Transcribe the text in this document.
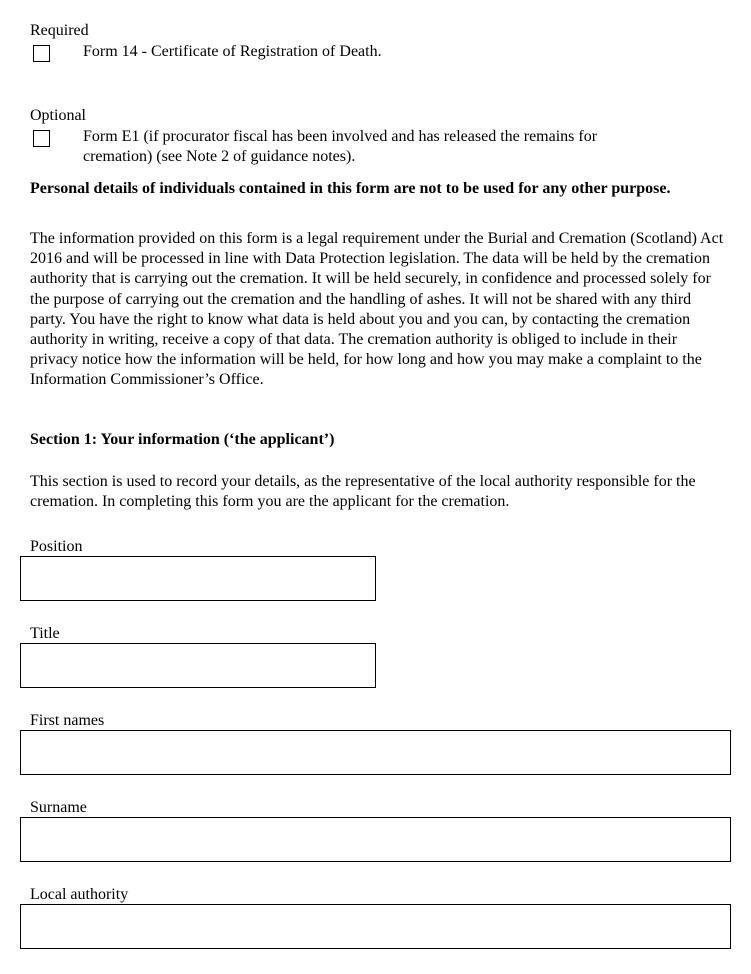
Required
Form 14 - Certificate of Registration of Death.
Optional
Form E1 (if procurator fiscal has been involved and has released the remains for
cremation) (see Note 2 of guidance notes).
Personal details of individuals contained in this form are not to be used for any other purpose.
The information provided on this form is a legal requirement under the Burial and Cremation (Scotland) Act 2016 and will be processed in line with Data Protection legislation. The data will be held by the cremation authority that is carrying out the cremation. It will be held securely, in confidence and processed solely for the purpose of carrying out the cremation and the handling of ashes. It will not be shared with any third party. You have the right to know what data is held about you and you can, by contacting the cremation authority in writing, receive a copy of that data. The cremation authority is obliged to include in their privacy notice how the information will be held, for how long and how you may make a complaint to the Information Commissioner’s Office.
Section 1: Your information (‘the applicant’)
This section is used to record your details, as the representative of the local authority responsible for the cremation. In completing this form you are the applicant for the cremation.
Position
Title
First names
Surname
Local authority
